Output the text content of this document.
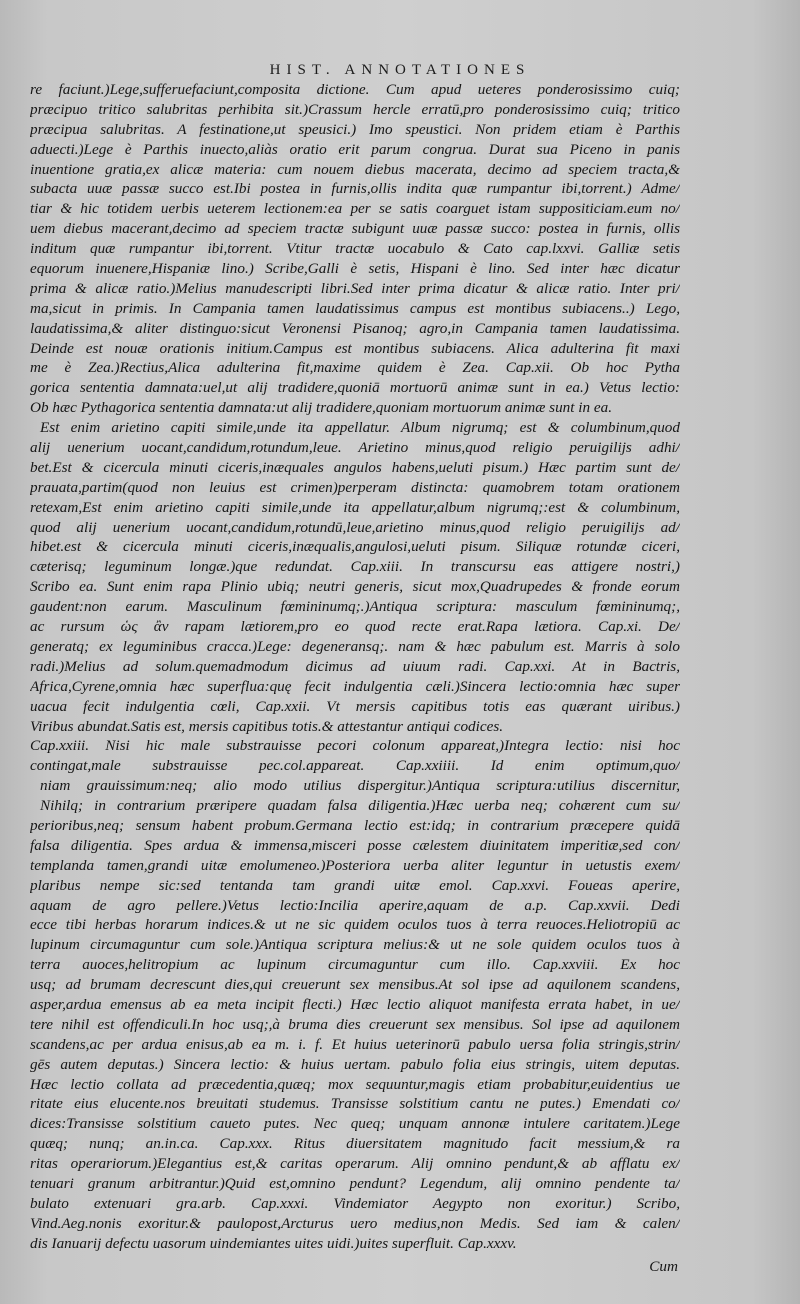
HIST. ANNOTATIONES
re faciunt.)Lege,sufferuefaciunt,composita dictione. Cum apud ueteres ponderosissimo cuiq;
præcipuo tritico salubritas perhibita sit.)Crassum hercle erratū,pro ponderosissimo cuiq; tritico
præcipua salubritas. A festinatione,ut speusici.) Imo speustici. Non pridem etiam è Parthis
aduecti.)Lege è Parthis inuecto,aliàs oratio erit parum congrua. Durat sua Piceno in panis
inuentione gratia,ex alicæ materia: cum nouem diebus macerata, decimo ad speciem tracta,&
subacta uuæ passæ succo est.Ibi postea in furnis,ollis indita quæ rumpantur ibi,torrent.) Adme/
tiar & hic totidem uerbis ueterem lectionem:ea per se satis coarguet istam suppositiciam.eum no/
uem diebus macerant,decimo ad speciem tractæ subigunt uuæ passæ succo: postea in furnis, ollis
inditum quæ rumpantur ibi,torrent. Vtitur tractæ uocabulo & Cato cap.lxxvi. Galliæ setis
equorum inuenere,Hispaniæ lino.) Scribe,Galli è setis, Hispani è lino. Sed inter hæc dicatur
prima & alicæ ratio.)Melius manudescripti libri.Sed inter prima dicatur & alicæ ratio. Inter pri/
ma,sicut in primis. In Campania tamen laudatissimus campus est montibus subiacens..) Lego,
laudatissima,& aliter distinguo:sicut Veronensi Pisanoq; agro,in Campania tamen laudatissima.
Deinde est nouæ orationis initium.Campus est montibus subiacens. Alica adulterina fit maxi
me è Zea.)Rectius,Alica adulterina fit,maxime quidem è Zea. Cap.xii. Ob hoc Pytha
gorica sententia damnata:uel,ut alij tradidere,quoniā mortuorū animæ sunt in ea.) Vetus lectio:
Ob hæc Pythagorica sententia damnata:ut alij tradidere,quoniam mortuorum animæ sunt in ea.
Est enim arietino capiti simile,unde ita appellatur. Album nigrumq; est & columbinum,quod
alij uenerium uocant,candidum,rotundum,leue. Arietino minus,quod religio peruigilijs adhi/
bet.Est & cicercula minuti ciceris,inæquales angulos habens,ueluti pisum.) Hæc partim sunt de/
prauata,partim(quod non leuius est crimen)perperam distincta: quamobrem totam orationem
retexam,Est enim arietino capiti simile,unde ita appellatur,album nigrumq;:est & columbinum,
quod alij uenerium uocant,candidum,rotundū,leue,arietino minus,quod religio peruigilijs ad/
hibet.est & cicercula minuti ciceris,inæqualis,angulosi,ueluti pisum. Siliquæ rotundæ ciceri,
cæterisq; leguminum longæ.)que redundat. Cap.xiii. In transcursu eas attigere nostri,)
Scribo ea. Sunt enim rapa Plinio ubiq; neutri generis, sicut mox,Quadrupedes & fronde eorum
gaudent:non earum. Masculinum fœmininumq;.)Antiqua scriptura: masculum fœmininumq;,
ac rursum ὡς ἂν rapam lætiorem,pro eo quod recte erat.Rapa lætiora. Cap.xi. De/
generatq; ex leguminibus cracca.)Lege: degeneransq;. nam & hæc pabulum est. Marris à solo
radi.)Melius ad solum.quemadmodum dicimus ad uiuum radi. Cap.xxi. At in Bactris,
Africa,Cyrene,omnia hæc superflua:quę fecit indulgentia cæli.)Sincera lectio:omnia hæc super
uacua fecit indulgentia cœli, Cap.xxii. Vt mersis capitibus totis eas quærant uiribus.)
Viribus abundat.Satis est, mersis capitibus totis.& attestantur antiqui codices.
Cap.xxiii. Nisi hic male substrauisse pecori colonum appareat,)Integra lectio: nisi hoc
contingat,male substrauisse pec.col.appareat. Cap.xxiiii. Id enim optimum,quo/
niam grauissimum:neq; alio modo utilius dispergitur.)Antiqua scriptura:utilius discernitur,
Nihilq; in contrarium præripere quadam falsa diligentia.)Hæc uerba neq; cohærent cum su/
perioribus,neq; sensum habent probum.Germana lectio est:idq; in contrarium præcepere quidā
falsa diligentia. Spes ardua & immensa,misceri posse cælestem diuinitatem imperitiæ,sed con/
templanda tamen,grandi uitæ emolumeneo.)Posteriora uerba aliter leguntur in uetustis exem/
plaribus nempe sic:sed tentanda tam grandi uitæ emol. Cap.xxvi. Foueas aperire,
aquam de agro pellere.)Vetus lectio:Incilia aperire,aquam de a.p. Cap.xxvii. Dedi
ecce tibi herbas horarum indices.& ut ne sic quidem oculos tuos à terra reuoces.Heliotropiū ac
lupinum circumaguntur cum sole.)Antiqua scriptura melius:& ut ne sole quidem oculos tuos à
terra auoces,helitropium ac lupinum circumaguntur cum illo. Cap.xxviii. Ex hoc
usq; ad brumam decrescunt dies,qui creuerunt sex mensibus.At sol ipse ad aquilonem scandens,
asper,ardua emensus ab ea meta incipit flecti.) Hæc lectio aliquot manifesta errata habet, in ue/
tere nihil est offendiculi.In hoc usq;,à bruma dies creuerunt sex mensibus. Sol ipse ad aquilonem
scandens,ac per ardua enisus,ab ea m. i. f. Et huius ueterinorū pabulo uersa folia stringis,strin/
gēs autem deputas.) Sincera lectio: & huius uertam. pabulo folia eius stringis, uitem deputas.
Hæc lectio collata ad præcedentia,quæq; mox sequuntur,magis etiam probabitur,euidentius ue
ritate eius elucente.nos breuitati studemus. Transisse solstitium cantu ne putes.) Emendati co/
dices:Transisse solstitium caueto putes. Nec queq; unquam annonæ intulere caritatem.)Lege
quæq; nunq; an.in.ca. Cap.xxx. Ritus diuersitatem magnitudo facit messium,& ra
ritas operariorum.)Elegantius est,& caritas operarum. Alij omnino pendunt,& ab afflatu ex/
tenuari granum arbitrantur.)Quid est,omnino pendunt? Legendum, alij omnino pendente ta/
bulato extenuari gra.arb. Cap.xxxi. Vindemiator Aegypto non exoritur.) Scribo,
Vind.Aeg.nonis exoritur.& paulopost,Arcturus uero medius,non Medis. Sed iam & calen/
dis Ianuarij defectu uasorum uindemiantes uites uidi.)uites superfluit. Cap.xxxv.
Cum
